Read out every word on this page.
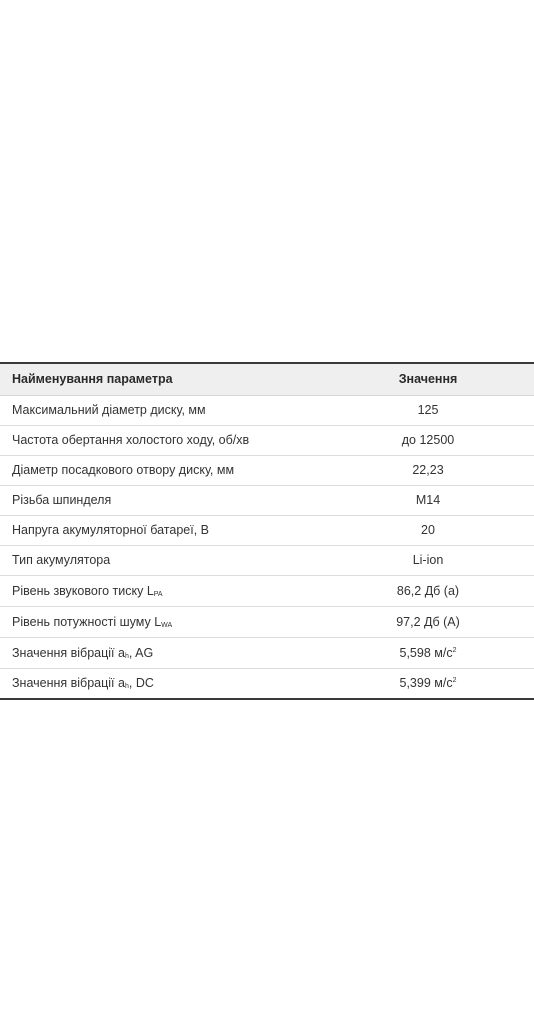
Найменування параметра	Значення
Максимальний діаметр диску, мм	125
Частота обертання холостого ходу, об/хв	до 12500
Діаметр посадкового отвору диску, мм	22,23
Різьба шпинделя	M14
Напруга акумуляторної батареї, В	20
Тип акумулятора	Li-ion
Рівень звукового тиску $L_{PA}$	86,2 Дб (а)
Рівень потужності шуму $L_{WA}$	97,2 Дб (А)
Значення вібрації $a_h$, AG	5,598 $м/с^2$
Значення вібрації $a_h$, DC	5,399 $м/с^2$
